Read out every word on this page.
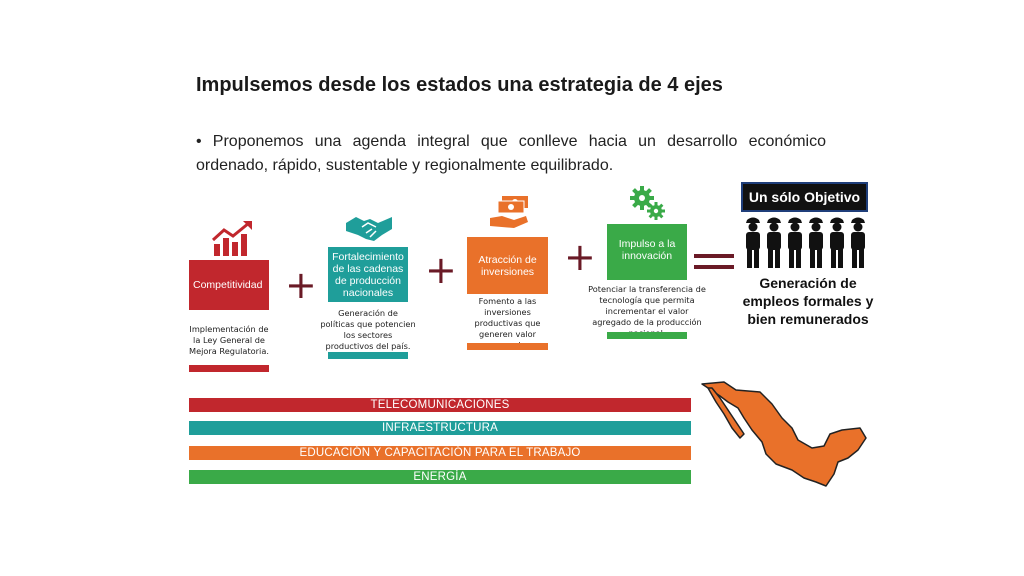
Impulsemos desde los estados una estrategia de 4 ejes
• Proponemos una agenda integral que conlleve hacia un desarrollo económico ordenado, rápido, sustentable y regionalmente equilibrado.
Competitividad
Implementación de la Ley General de Mejora Regulatoria.
+
Fortalecimiento de las cadenas de producción nacionales
Generación de políticas que potencien los sectores productivos del país.
+	Atracción de inversiones
Fomento a las inversiones productivas que generen valor
+	Impulso a la innovación
Potenciar la transferencia de tecnología que permita incrementar el valor agregado de la producción
Un sólo Objetivo
Generación de empleos formales y bien remunerados
TELECOMUNICACIONES
INFRAESTRUCTURA
EDUCACIÓN Y CAPACITACIÓN PARA EL TRABAJO
ENERGÍA
